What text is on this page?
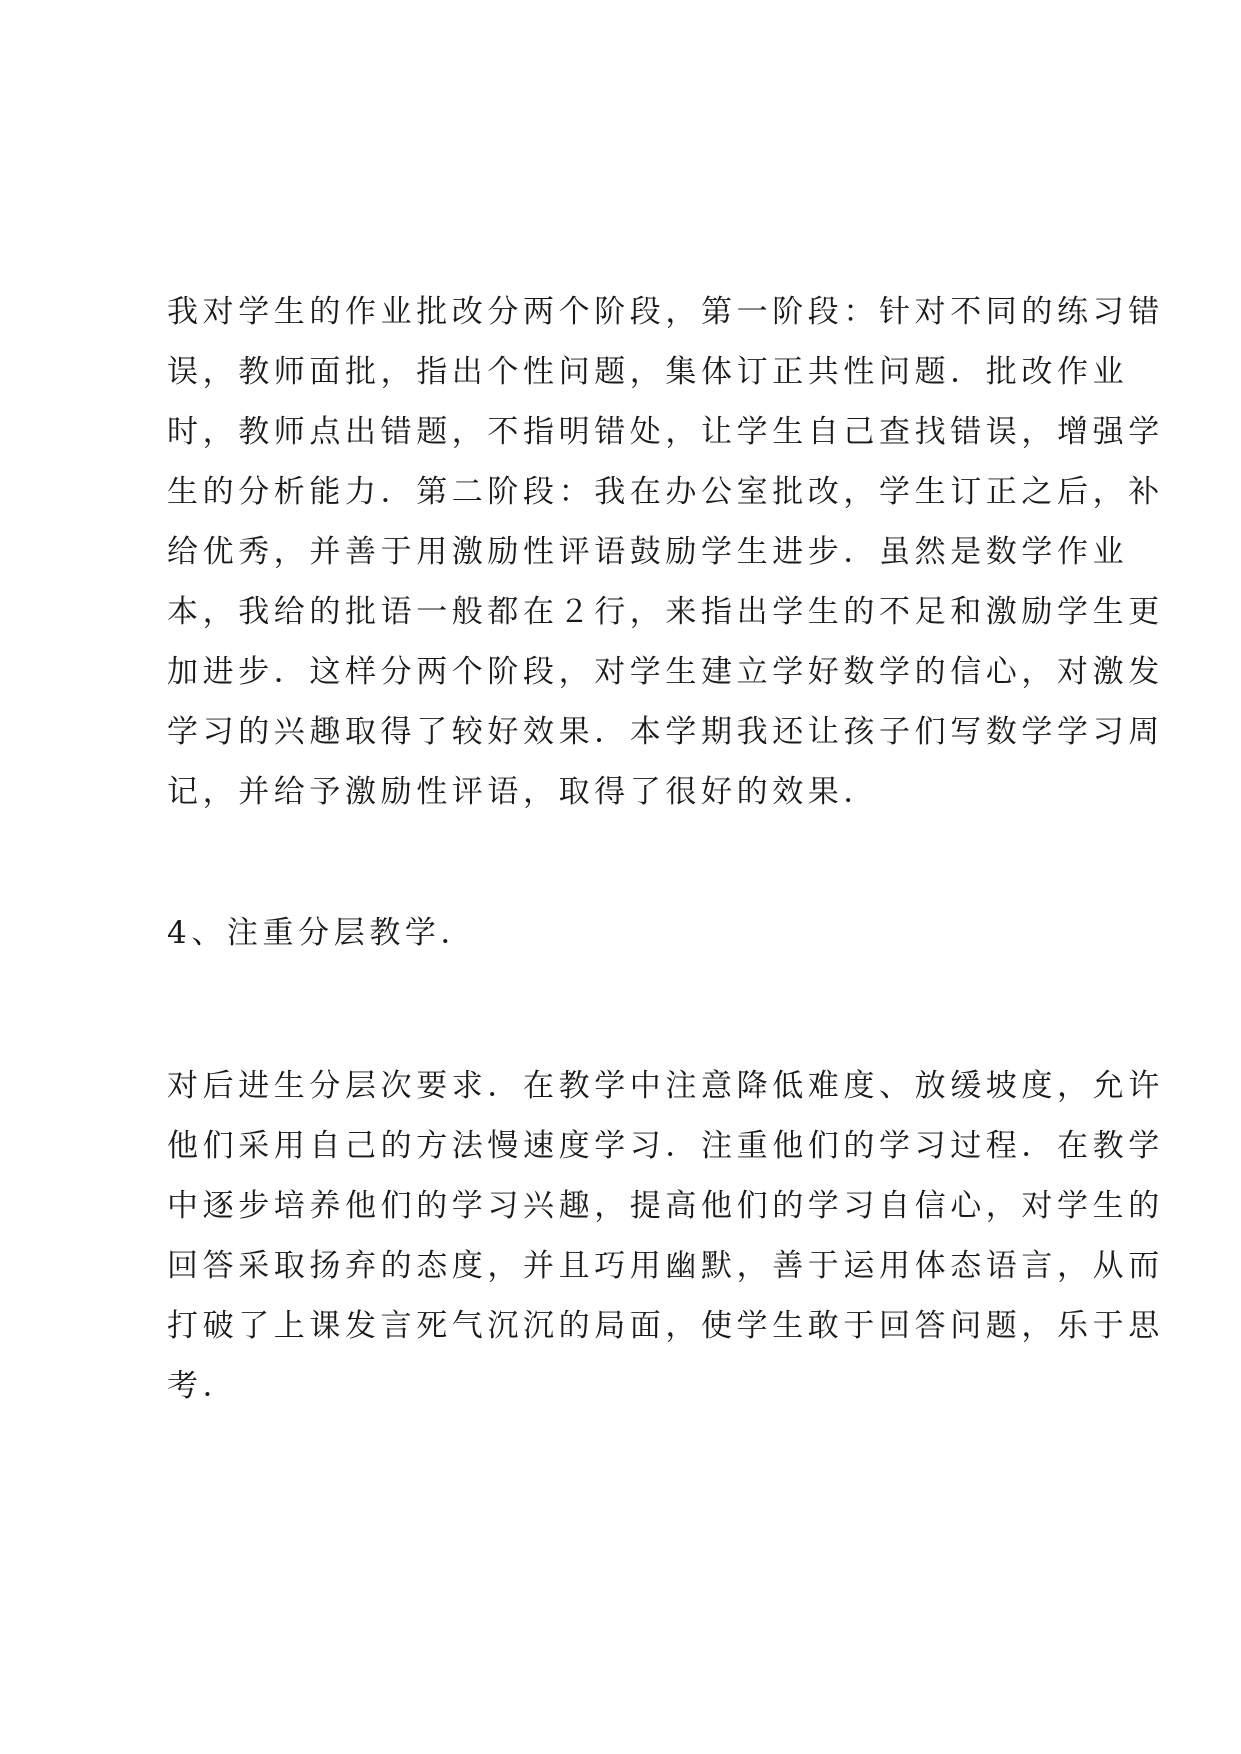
我对学生的作业批改分两个阶段，第一阶段：针对不同的练习错
误，教师面批，指出个性问题，集体订正共性问题．批改作业
时，教师点出错题，不指明错处，让学生自己查找错误，增强学
生的分析能力．第二阶段：我在办公室批改，学生订正之后，补
给优秀，并善于用激励性评语鼓励学生进步．虽然是数学作业
本，我给的批语一般都在２行，来指出学生的不足和激励学生更
加进步．这样分两个阶段，对学生建立学好数学的信心，对激发
学习的兴趣取得了较好效果．本学期我还让孩子们写数学学习周
记，并给予激励性评语，取得了很好的效果．
4、注重分层教学．
对后进生分层次要求．在教学中注意降低难度、放缓坡度，允许
他们采用自己的方法慢速度学习．注重他们的学习过程．在教学
中逐步培养他们的学习兴趣，提高他们的学习自信心，对学生的
回答采取扬弃的态度，并且巧用幽默，善于运用体态语言，从而
打破了上课发言死气沉沉的局面，使学生敢于回答问题，乐于思
考．
